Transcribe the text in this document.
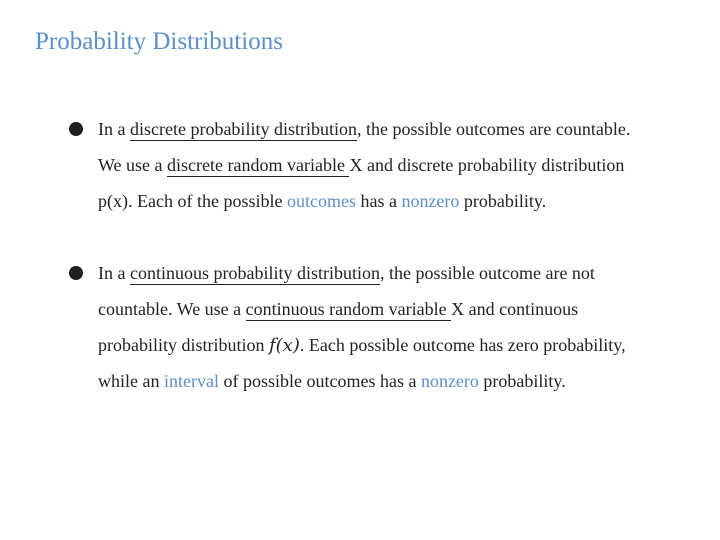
Probability Distributions
In a discrete probability distribution, the possible outcomes are countable.
We use a discrete random variable X and discrete probability distribution
p(x). Each of the possible outcomes has a nonzero probability.
In a continuous probability distribution, the possible outcome are not
countable. We use a continuous random variable X and continuous
probability distribution f(x). Each possible outcome has zero probability,
while an interval of possible outcomes has a nonzero probability.
